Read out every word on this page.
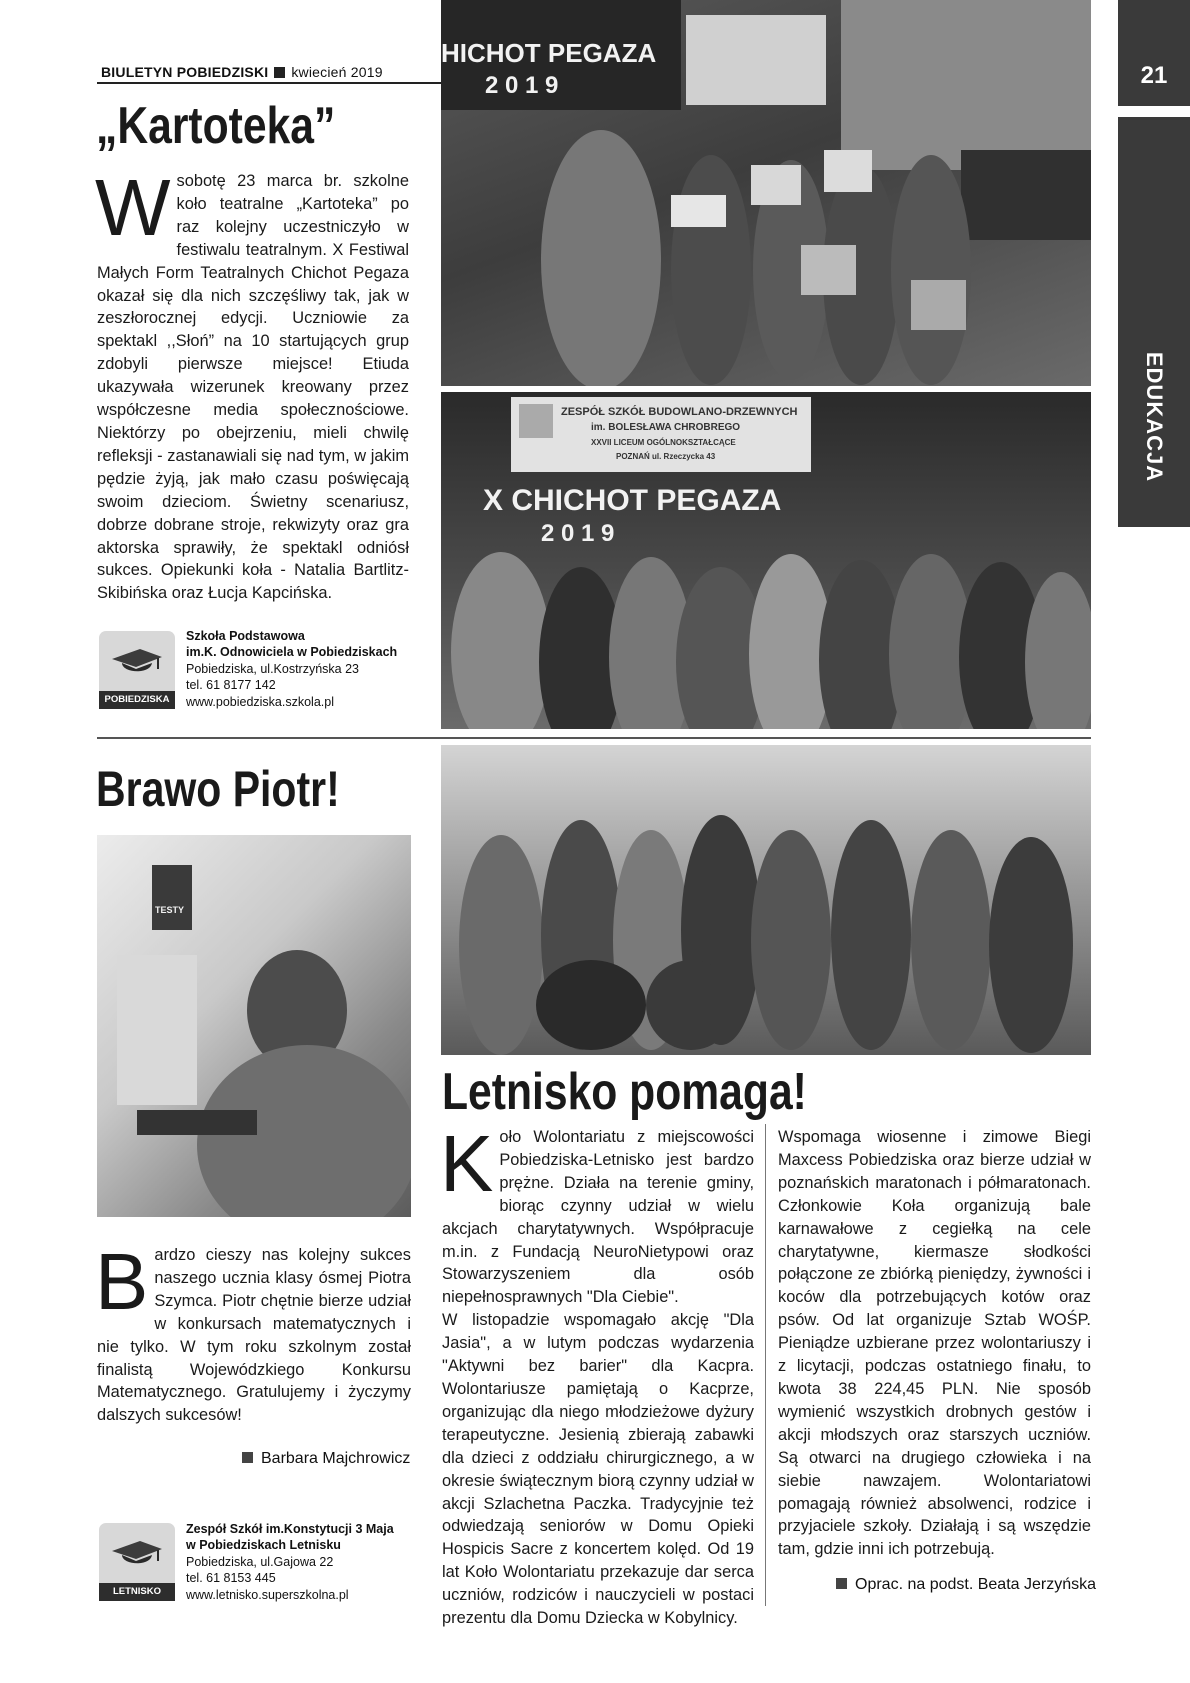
BIULETYN POBIEDZISKI kwiecień 2019	21
EDUKACJA
HICHOT PEGAZA
2 0 1 9
ZESPÓŁ SZKÓŁ BUDOWLANO-DRZEWNYCH
im. BOLESŁAWA CHROBREGO
XXVII LICEUM OGÓLNOKSZTAŁCĄCE
POZNAŃ ul. Rzeczycka 43
X CHICHOT PEGAZA
2 0 1 9
TESTY
„Kartoteka”
W sobotę 23 marca br. szkolne koło teatralne „Kartoteka” po raz kolejny uczestniczyło w festiwalu teatralnym. X Festiwal Małych Form Teatralnych Chichot Pegaza okazał się dla nich szczęśliwy tak, jak w zeszłorocznej edycji. Uczniowie za spektakl ,,Słoń” na 10 startujących grup zdobyli pierwsze miejsce! Etiuda ukazywała wizerunek kreowany przez współczesne media społecznościowe. Niektórzy po obejrzeniu, mieli chwilę refleksji - zastanawiali się nad tym, w jakim pędzie żyją, jak mało czasu poświęcają swoim dzieciom. Świetny scenariusz, dobrze dobrane stroje, rekwizyty oraz gra aktorska sprawiły, że spektakl odniósł sukces. Opiekunki koła - Natalia Bartlitz-Skibińska oraz Łucja Kapcińska.

POBIEDZISKA
Szkoła Podstawowa
im.K. Odnowiciela w Pobiedziskach
Pobiedziska, ul.Kostrzyńska 23
tel. 61 8177 142
www.pobiedziska.szkola.pl
Brawo Piotr!
B ardzo cieszy nas kolejny sukces naszego ucznia klasy ósmej Piotra Szymca. Piotr chętnie bierze udział w konkursach matematycznych i nie tylko. W tym roku szkolnym został finalistą Wojewódzkiego Konkursu Matematycznego. Gratulujemy i życzymy dalszych sukcesów!

Barbara Majchrowicz
LETNISKO
Zespół Szkół im.Konstytucji 3 Maja
w Pobiedziskach Letnisku
Pobiedziska, ul.Gajowa 22
tel. 61 8153 445
www.letnisko.superszkolna.pl
Letnisko pomaga!
K oło Wolontariatu z miejscowości Pobiedziska-Letnisko jest bardzo prężne. Działa na terenie gminy, biorąc czynny udział w wielu akcjach charytatywnych. Współpracuje m.in. z Fundacją NeuroNietypowi oraz Stowarzyszeniem dla osób niepełnosprawnych "Dla Ciebie".

W listopadzie wspomagało akcję "Dla Jasia", a w lutym podczas wydarzenia "Aktywni bez barier" dla Kacpra. Wolontariusze pamiętają o Kacprze, organizując dla niego młodzieżowe dyżury terapeutyczne. Jesienią zbierają zabawki dla dzieci z oddziału chirurgicznego, a w okresie świątecznym biorą czynny udział w akcji Szlachetna Paczka. Tradycyjnie też odwiedzają seniorów w Domu Opieki Hospicis Sacre z koncertem kolęd. Od 19 lat Koło Wolontariatu przekazuje dar serca uczniów, rodziców i nauczycieli w postaci prezentu dla Domu Dziecka w Kobylnicy.

Wspomaga wiosenne i zimowe Biegi Maxcess Pobiedziska oraz bierze udział w poznańskich maratonach i półmaratonach. Członkowie Koła organizują bale karnawałowe z cegiełką na cele charytatywne, kiermasze słodkości połączone ze zbiórką pieniędzy, żywności i koców dla potrzebujących kotów oraz psów. Od lat organizuje Sztab WOŚP. Pieniądze uzbierane przez wolontariuszy i z licytacji, podczas ostatniego finału, to kwota 38 224,45 PLN. Nie sposób wymienić wszystkich drobnych gestów i akcji młodszych oraz starszych uczniów. Są otwarci na drugiego człowieka i na siebie nawzajem. Wolontariatowi pomagają również absolwenci, rodzice i przyjaciele szkoły. Działają i są wszędzie tam, gdzie inni ich potrzebują.

Oprac. na podst. Beata Jerzyńska
